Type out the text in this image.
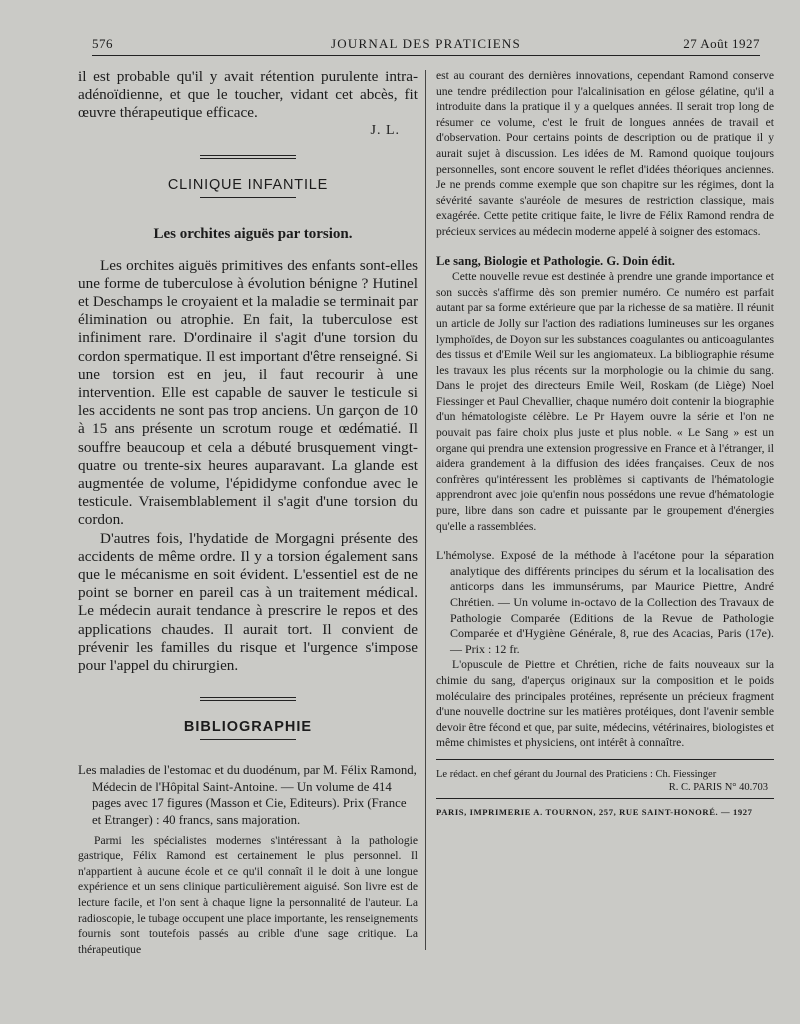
576	JOURNAL DES PRATICIENS	27 Août 1927

il est probable qu'il y avait rétention purulente intra-adénoïdienne, et que le toucher, vidant cet abcès, fit œuvre thérapeutique efficace.

J. L.

CLINIQUE INFANTILE
Les orchites aiguës par torsion.

Les orchites aiguës primitives des enfants sont-elles une forme de tuberculose à évolution bénigne ? Hutinel et Deschamps le croyaient et la maladie se terminait par élimination ou atrophie. En fait, la tuberculose est infiniment rare. D'ordinaire il s'agit d'une torsion du cordon spermatique. Il est important d'être renseigné. Si une torsion est en jeu, il faut recourir à une intervention. Elle est capable de sauver le testicule si les accidents ne sont pas trop anciens. Un garçon de 10 à 15 ans présente un scrotum rouge et œdématié. Il souffre beaucoup et cela a débuté brusquement vingt-quatre ou trente-six heures auparavant. La glande est augmentée de volume, l'épididyme confondue avec le testicule. Vraisemblablement il s'agit d'une torsion du cordon.

D'autres fois, l'hydatide de Morgagni présente des accidents de même ordre. Il y a torsion également sans que le mécanisme en soit évident. L'essentiel est de ne point se borner en pareil cas à un traitement médical. Le médecin aurait tendance à prescrire le repos et des applications chaudes. Il aurait tort. Il convient de prévenir les familles du risque et l'urgence s'impose pour l'appel du chirurgien.

BIBLIOGRAPHIE

Les maladies de l'estomac et du duodénum, par M. Félix Ramond, Médecin de l'Hôpital Saint-Antoine. — Un volume de 414 pages avec 17 figures (Masson et Cie, Editeurs). Prix (France et Etranger) : 40 francs, sans majoration.

Parmi les spécialistes modernes s'intéressant à la pathologie gastrique, Félix Ramond est certainement le plus personnel. Il n'appartient à aucune école et ce qu'il connaît il le doit à une longue expérience et un sens clinique particulièrement aiguisé. Son livre est de lecture facile, et l'on sent à chaque ligne la personnalité de l'auteur. La radioscopie, le tubage occupent une place importante, les renseignements fournis sont toutefois passés au crible d'une sage critique. La thérapeutique

est au courant des dernières innovations, cependant Ramond conserve une tendre prédilection pour l'alcalinisation en gélose gélatine, qu'il a introduite dans la pratique il y a quelques années. Il serait trop long de résumer ce volume, c'est le fruit de longues années de travail et d'observation. Pour certains points de description ou de pratique il y aurait sujet à discussion. Les idées de M. Ramond quoique toujours personnelles, sont encore souvent le reflet d'idées théoriques anciennes. Je ne prends comme exemple que son chapitre sur les régimes, dont la sévérité savante s'auréole de mesures de restriction classique, mais exagérée. Cette petite critique faite, le livre de Félix Ramond rendra de précieux services au médecin moderne appelé à soigner des estomacs.

Le sang, Biologie et Pathologie. G. Doin édit.

Cette nouvelle revue est destinée à prendre une grande importance et son succès s'affirme dès son premier numéro. Ce numéro est parfait autant par sa forme extérieure que par la richesse de sa matière. Il réunit un article de Jolly sur l'action des radiations lumineuses sur les organes lymphoïdes, de Doyon sur les substances coagulantes ou anticoagulantes des tissus et d'Emile Weil sur les angiomateux. La bibliographie résume les travaux les plus récents sur la morphologie ou la chimie du sang. Dans le projet des directeurs Emile Weil, Roskam (de Liège) Noel Fiessinger et Paul Chevallier, chaque numéro doit contenir la biographie d'un hématologiste célèbre. Le Pr Hayem ouvre la série et l'on ne pouvait pas faire choix plus juste et plus noble. « Le Sang » est un organe qui prendra une extension progressive en France et à l'étranger, il aidera grandement à la diffusion des idées françaises. Ceux de nos confrères qu'intéressent les problèmes si captivants de l'hématologie apprendront avec joie qu'enfin nous possédons une revue d'hématologie pure, libre dans son cadre et puissante par le groupement d'énergies qu'elle a rassemblées.

L'hémolyse. Exposé de la méthode à l'acétone pour la séparation analytique des différents principes du sérum et la localisation des anticorps dans les immunsérums, par Maurice Piettre, André Chrétien. — Un volume in-octavo de la Collection des Travaux de Pathologie Comparée (Editions de la Revue de Pathologie Comparée et d'Hygiène Générale, 8, rue des Acacias, Paris (17e). — Prix : 12 fr.

L'opuscule de Piettre et Chrétien, riche de faits nouveaux sur la chimie du sang, d'aperçus originaux sur la composition et le poids moléculaire des principales protéines, représente un précieux fragment d'une nouvelle doctrine sur les matières protéiques, dont l'avenir semble devoir être fécond et que, par suite, médecins, vétérinaires, biologistes et même chimistes et physiciens, ont intérêt à connaître.

Le rédact. en chef gérant du Journal des Praticiens : Ch. Fiessinger
R. C. PARIS N° 40.703

PARIS, IMPRIMERIE A. TOURNON, 257, RUE SAINT-HONORÉ. — 1927
